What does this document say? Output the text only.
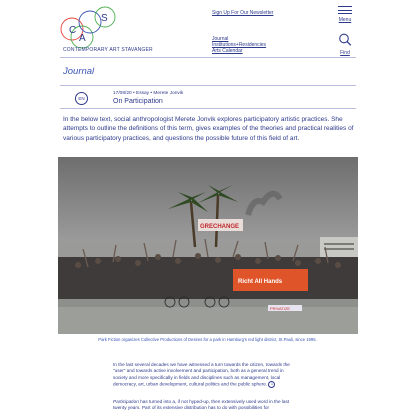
C
A
S
CONTEMPORARY ART STAVANGER
Sign Up For Our Newsletter
Journal
Institutions+Residencies
Arts Calendar
Menu
Find
Journal
EN
17/08/20 • Essay • Merete Jonvik
On Participation
In the below text, social anthropologist Merete Jonvik explores participatory artistic practices. She attempts to outline the definitions of this term, gives examples of the theories and practical realities of various participatory practices, and questions the possible future of this field of art.
GRECHANGE
Richt All Hands
PRIVATIZE
Park Fiction organizes Collective Productions of Desires for a park in Hamburg's red light district, St.Pauli, since 1995.
In the last several decades we have witnessed a turn towards the citizen, towards the "user" and towards active involvement and participation, both as a general trend in society and more specifically in fields and disciplines such as management, local democracy, art, urban development, cultural politics and the public sphere. 1
Participation has turned into a, if not hyped-up, then extensively used word in the last twenty years. Part of its extensive distribution has to do with possibilities for
